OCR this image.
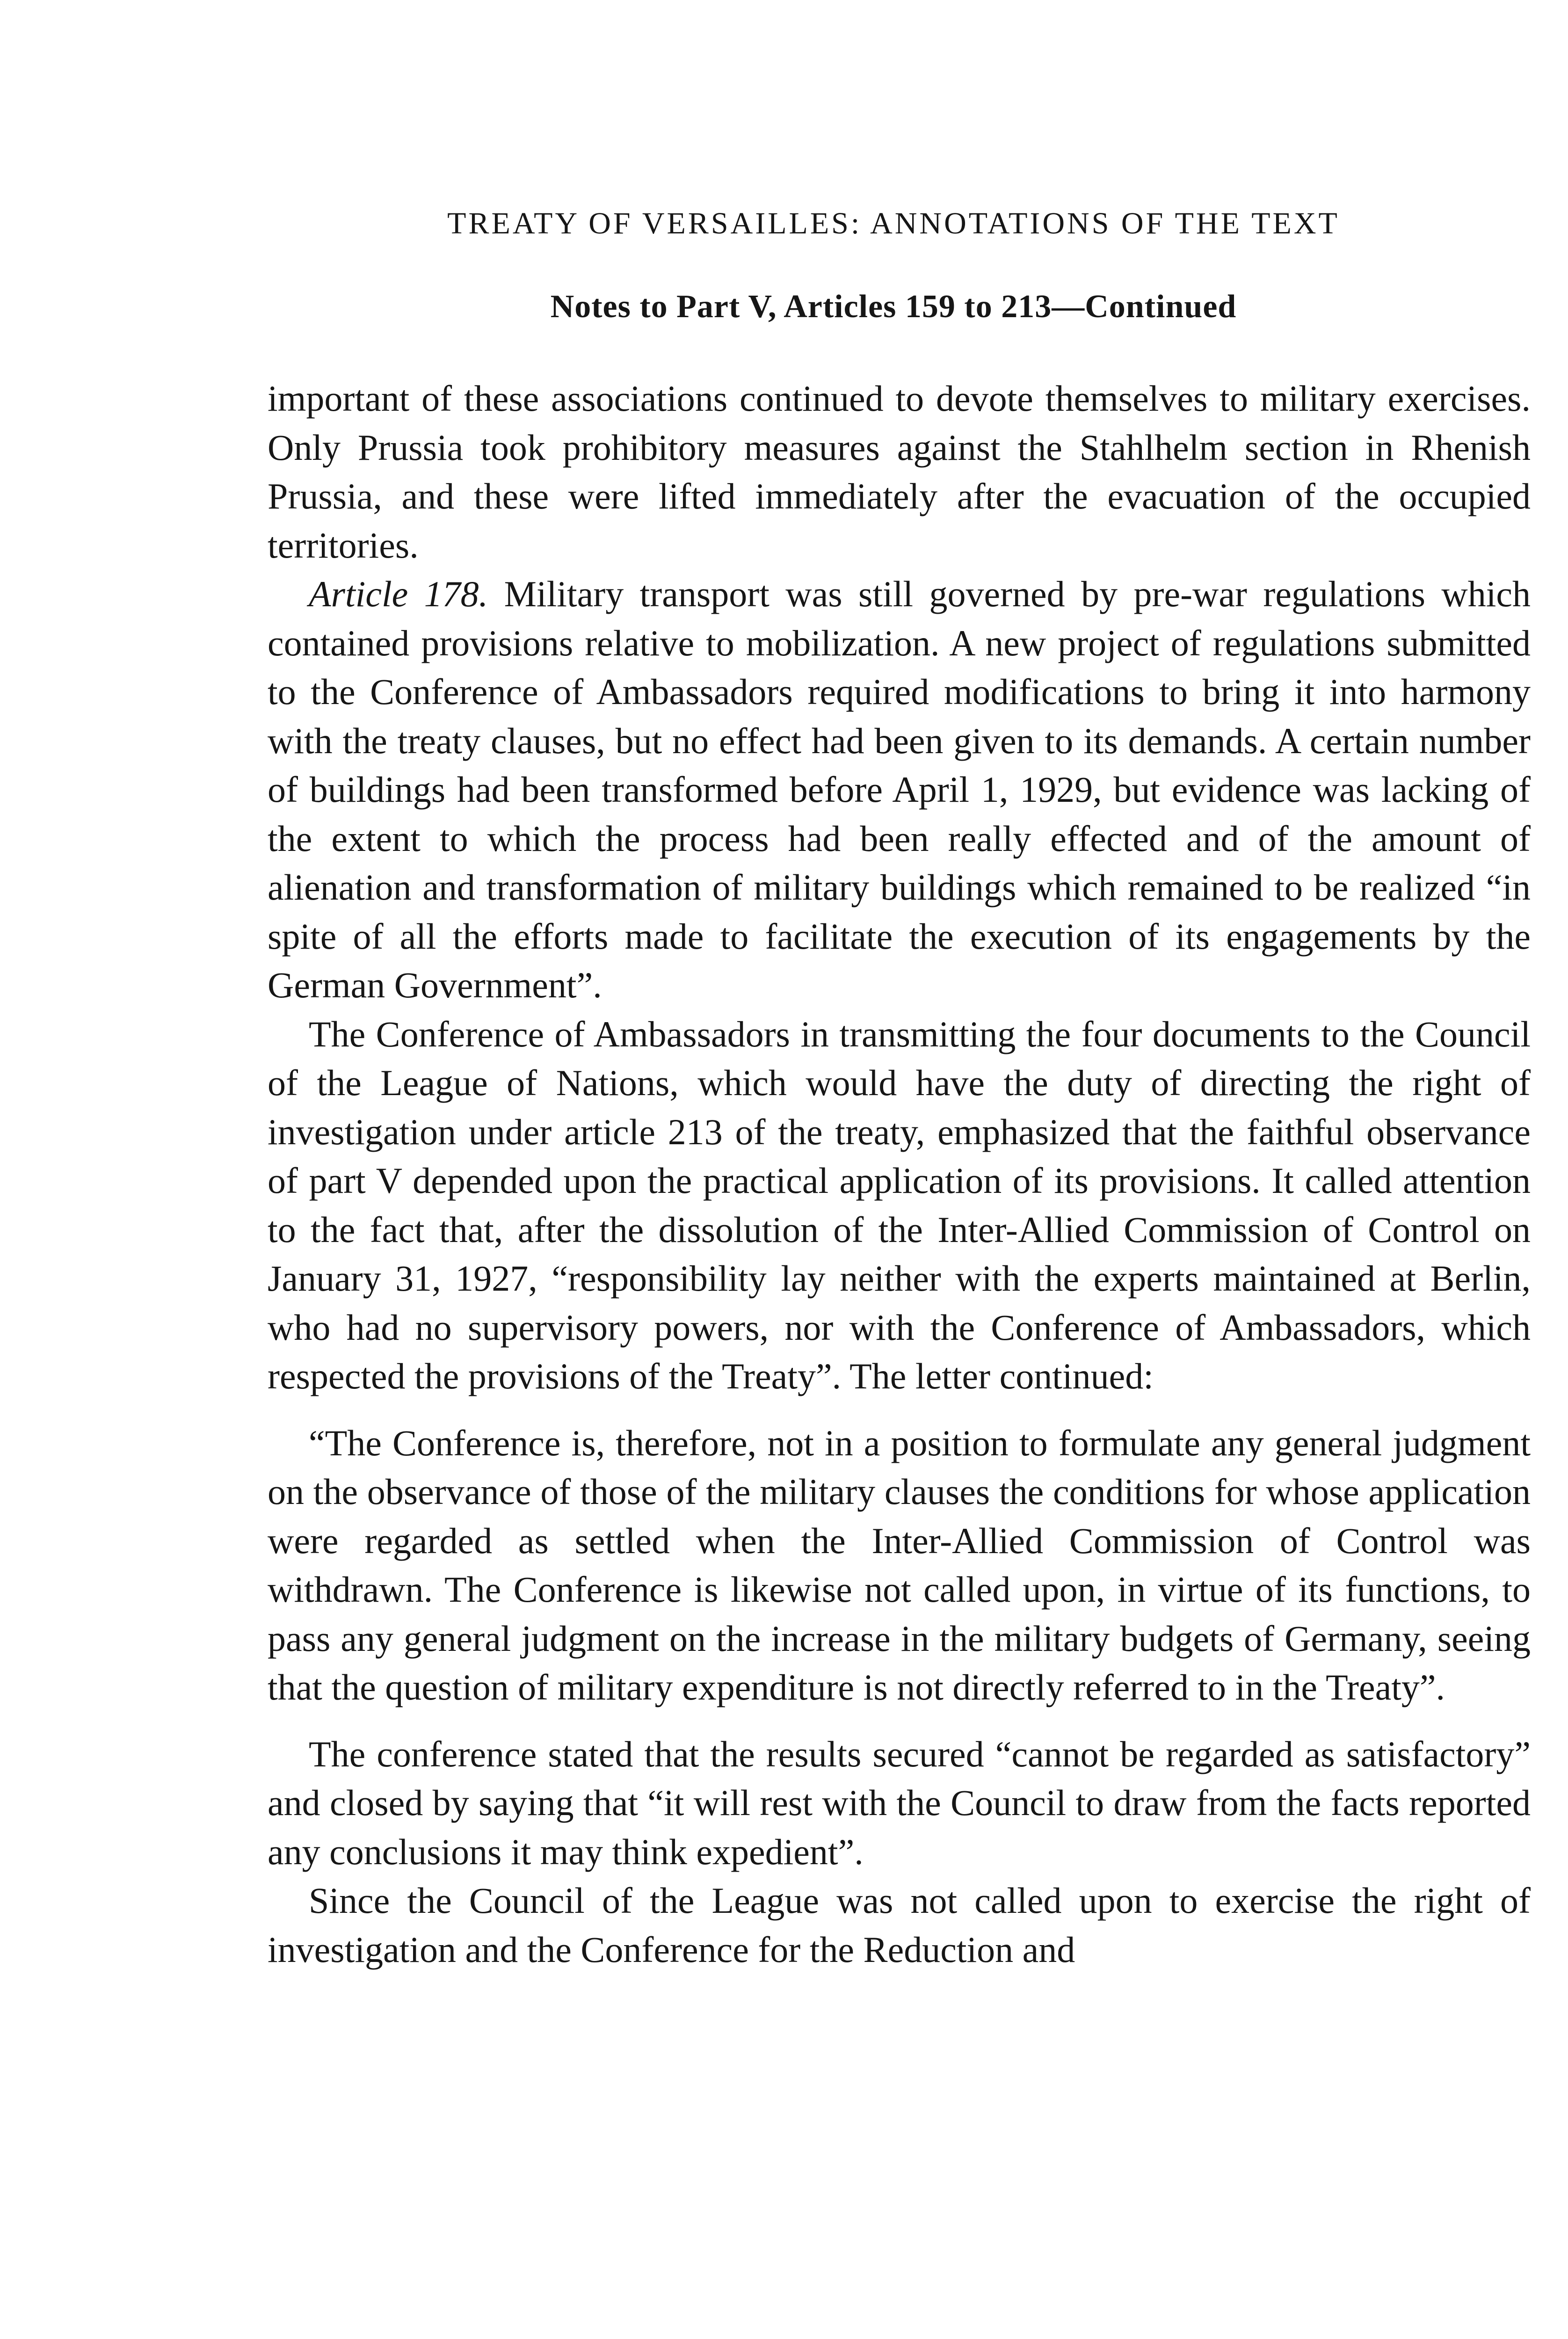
TREATY OF VERSAILLES: ANNOTATIONS OF THE TEXT
Notes to Part V, Articles 159 to 213—Continued

important of these associations continued to devote themselves to military exercises. Only Prussia took prohibitory measures against the Stahlhelm section in Rhenish Prussia, and these were lifted immediately after the evacuation of the occupied territories.

Article 178. Military transport was still governed by pre-war regulations which contained provisions relative to mobilization. A new project of regulations submitted to the Conference of Ambassadors required modifications to bring it into harmony with the treaty clauses, but no effect had been given to its demands. A certain number of buildings had been transformed before April 1, 1929, but evidence was lacking of the extent to which the process had been really effected and of the amount of alienation and transformation of military buildings which remained to be realized “in spite of all the efforts made to facilitate the execution of its engagements by the German Government”.

The Conference of Ambassadors in transmitting the four documents to the Council of the League of Nations, which would have the duty of directing the right of investigation under article 213 of the treaty, emphasized that the faithful observance of part V depended upon the practical application of its provisions. It called attention to the fact that, after the dissolution of the Inter-Allied Commission of Control on January 31, 1927, “responsibility lay neither with the experts maintained at Berlin, who had no supervisory powers, nor with the Conference of Ambassadors, which respected the provisions of the Treaty”. The letter continued:

“The Conference is, therefore, not in a position to formulate any general judgment on the observance of those of the military clauses the conditions for whose application were regarded as settled when the Inter-Allied Commission of Control was withdrawn. The Conference is likewise not called upon, in virtue of its functions, to pass any general judgment on the increase in the military budgets of Germany, seeing that the question of military expenditure is not directly referred to in the Treaty”.

The conference stated that the results secured “cannot be regarded as satisfactory” and closed by saying that “it will rest with the Council to draw from the facts reported any conclusions it may think expedient”.

Since the Council of the League was not called upon to exercise the right of investigation and the Conference for the Reduction and
